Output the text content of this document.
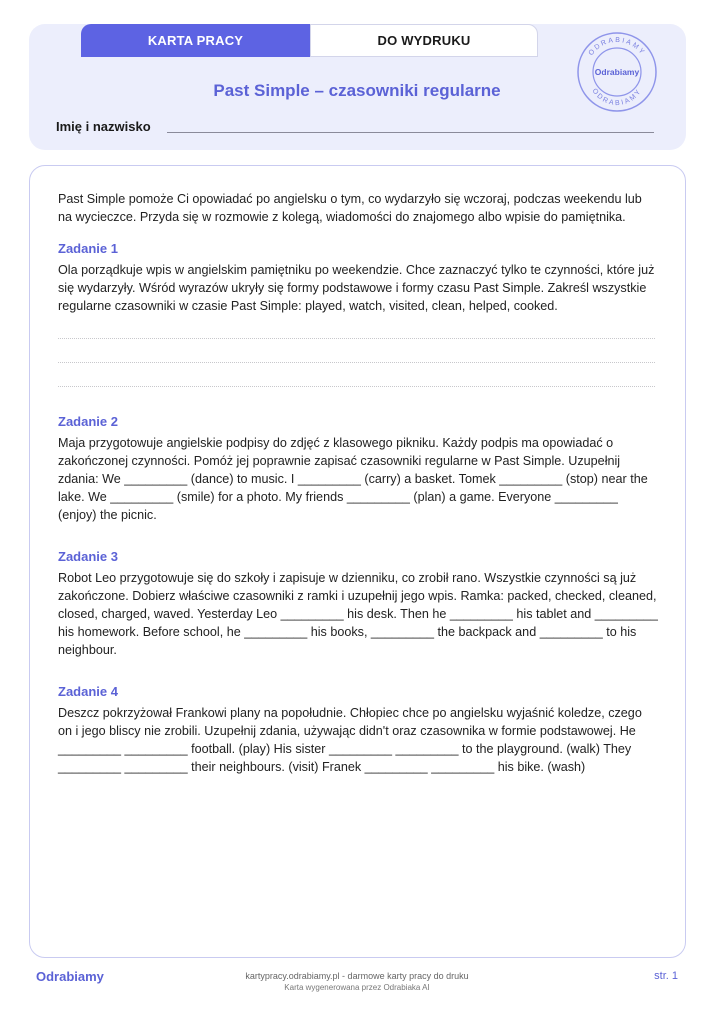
KARTA PRACY	DO WYDRUKU
ODRABIAMY
ODRABIAMY
Odrabiamy
Past Simple – czasowniki regularne
Imię i nazwisko

Past Simple pomoże Ci opowiadać po angielsku o tym, co wydarzyło się wczoraj, podczas weekendu lub na wycieczce. Przyda się w rozmowie z kolegą, wiadomości do znajomego albo wpisie do pamiętnika.

Zadanie 1

Ola porządkuje wpis w angielskim pamiętniku po weekendzie. Chce zaznaczyć tylko te czynności, które już się wydarzyły. Wśród wyrazów ukryły się formy podstawowe i formy czasu Past Simple. Zakreśl wszystkie regularne czasowniki w czasie Past Simple: played, watch, visited, clean, helped, cooked.

Zadanie 2

Maja przygotowuje angielskie podpisy do zdjęć z klasowego pikniku. Każdy podpis ma opowiadać o zakończonej czynności. Pomóż jej poprawnie zapisać czasowniki regularne w Past Simple. Uzupełnij zdania: We _________ (dance) to music. I _________ (carry) a basket. Tomek _________ (stop) near the lake. We _________ (smile) for a photo. My friends _________ (plan) a game. Everyone _________ (enjoy) the picnic.

Zadanie 3

Robot Leo przygotowuje się do szkoły i zapisuje w dzienniku, co zrobił rano. Wszystkie czynności są już zakończone. Dobierz właściwe czasowniki z ramki i uzupełnij jego wpis. Ramka: packed, checked, cleaned, closed, charged, waved. Yesterday Leo _________ his desk. Then he _________ his tablet and _________ his homework. Before school, he _________ his books, _________ the backpack and _________ to his neighbour.

Zadanie 4

Deszcz pokrzyżował Frankowi plany na popołudnie. Chłopiec chce po angielsku wyjaśnić koledze, czego on i jego bliscy nie zrobili. Uzupełnij zdania, używając didn't oraz czasownika w formie podstawowej. He _________ _________ football. (play) His sister _________ _________ to the playground. (walk) They _________ _________ their neighbours. (visit) Franek _________ _________ his bike. (wash)

Odrabiamy	kartypracy.odrabiamy.pl - darmowe karty pracy do druku
Karta wygenerowana przez Odrabiaka AI
str. 1
